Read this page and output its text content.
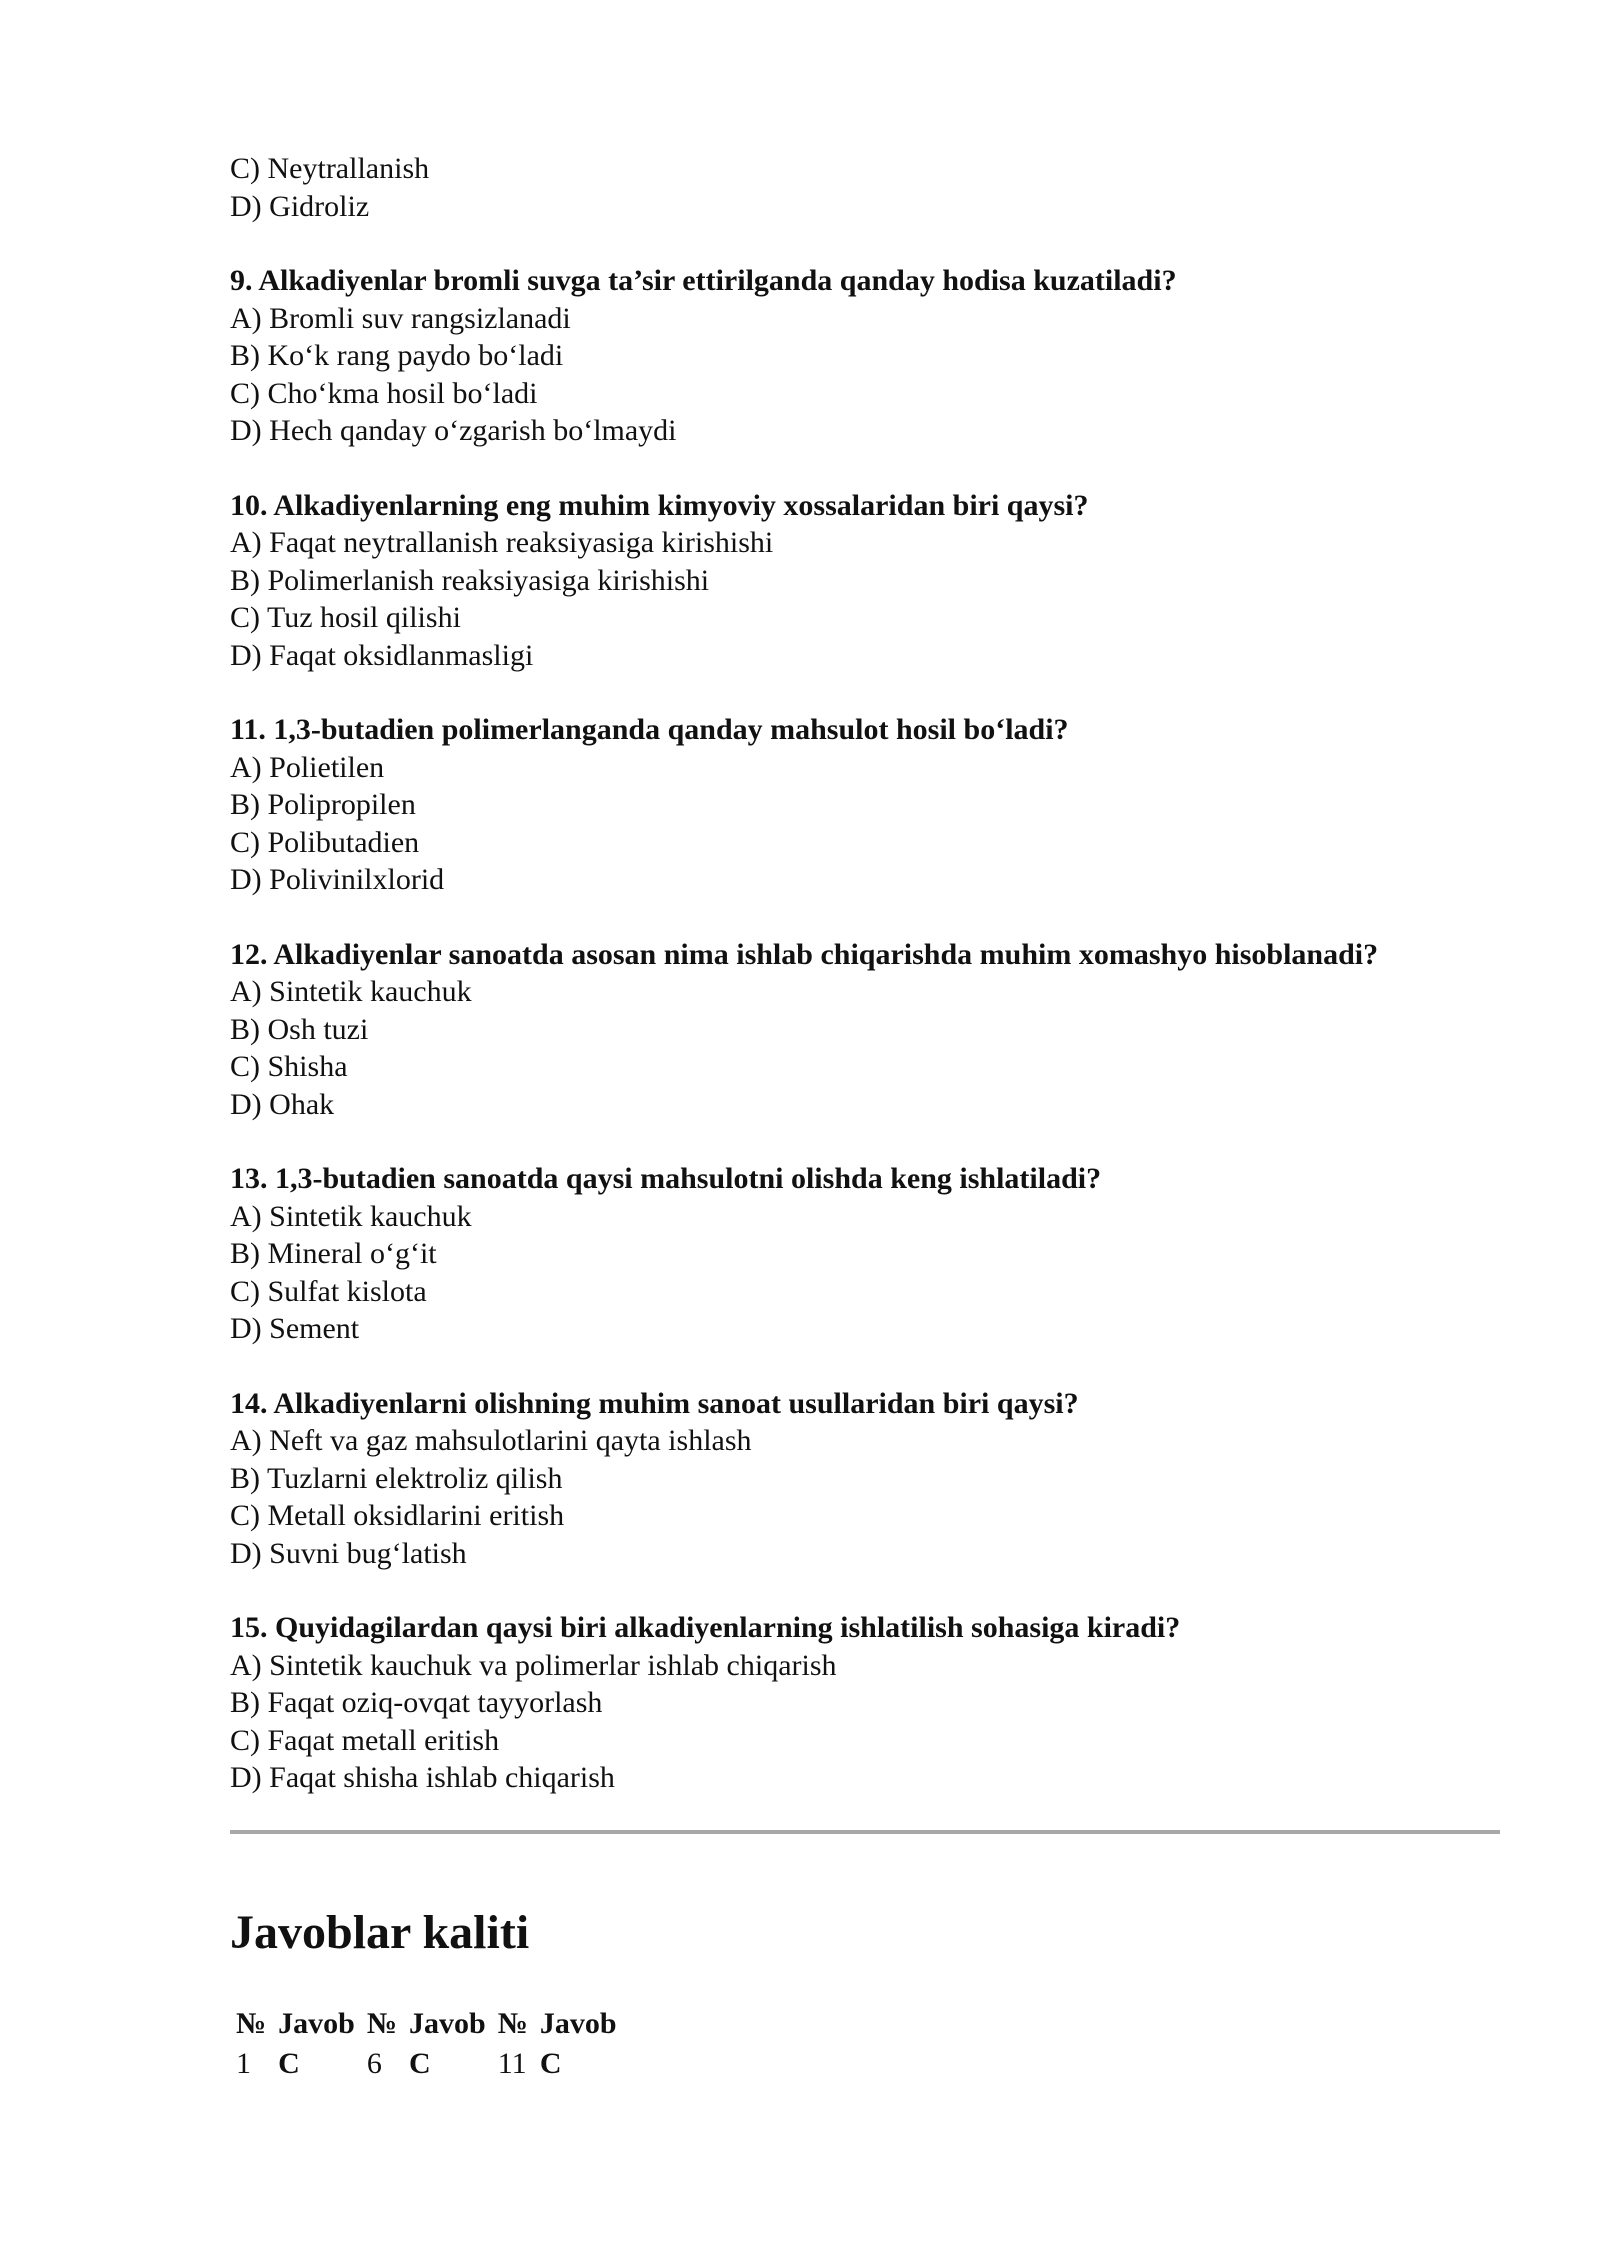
C) Neytrallanish
D) Gidroliz
9. Alkadiyenlar bromli suvga ta’sir ettirilganda qanday hodisa kuzatiladi?
A) Bromli suv rangsizlanadi
B) Ko‘k rang paydo bo‘ladi
C) Cho‘kma hosil bo‘ladi
D) Hech qanday o‘zgarish bo‘lmaydi
10. Alkadiyenlarning eng muhim kimyoviy xossalaridan biri qaysi?
A) Faqat neytrallanish reaksiyasiga kirishishi
B) Polimerlanish reaksiyasiga kirishishi
C) Tuz hosil qilishi
D) Faqat oksidlanmasligi
11. 1,3-butadien polimerlanganda qanday mahsulot hosil bo‘ladi?
A) Polietilen
B) Polipropilen
C) Polibutadien
D) Polivinilxlorid
12. Alkadiyenlar sanoatda asosan nima ishlab chiqarishda muhim xomashyo hisoblanadi?
A) Sintetik kauchuk
B) Osh tuzi
C) Shisha
D) Ohak
13. 1,3-butadien sanoatda qaysi mahsulotni olishda keng ishlatiladi?
A) Sintetik kauchuk
B) Mineral o‘g‘it
C) Sulfat kislota
D) Sement
14. Alkadiyenlarni olishning muhim sanoat usullaridan biri qaysi?
A) Neft va gaz mahsulotlarini qayta ishlash
B) Tuzlarni elektroliz qilish
C) Metall oksidlarini eritish
D) Suvni bug‘latish
15. Quyidagilardan qaysi biri alkadiyenlarning ishlatilish sohasiga kiradi?
A) Sintetik kauchuk va polimerlar ishlab chiqarish
B) Faqat oziq-ovqat tayyorlash
C) Faqat metall eritish
D) Faqat shisha ishlab chiqarish
Javoblar kaliti
№	Javob	№	Javob	№	Javob
1	C	6	C	11	C
